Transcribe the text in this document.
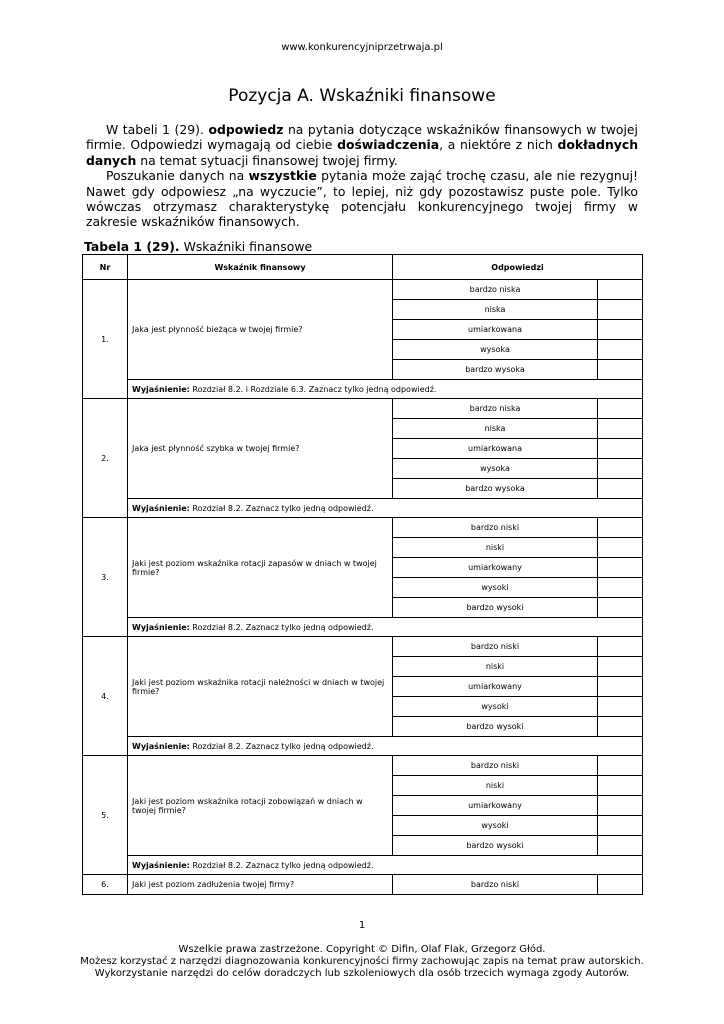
www.konkurencyjniprzetrwaja.pl
Pozycja A. Wskaźniki finansowe

W tabeli 1 (29). odpowiedz na pytania dotyczące wskaźników finansowych w twojej firmie. Odpowiedzi wymagają od ciebie doświadczenia, a niektóre z nich dokładnych danych na temat sytuacji finansowej twojej firmy.

Poszukanie danych na wszystkie pytania może zająć trochę czasu, ale nie rezygnuj! Nawet gdy odpowiesz „na wyczucie”, to lepiej, niż gdy pozostawisz puste pole. Tylko wówczas otrzymasz charakterystykę potencjału konkurencyjnego twojej firmy w zakresie wskaźników finansowych.

Tabela 1 (29). Wskaźniki finansowe
Nr	Wskaźnik finansowy	Odpowiedzi	
1.	Jaka jest płynność bieżąca w twojej firmie?	bardzo niska	
		niska	
		umiarkowana	
		wysoka	
		bardzo wysoka	
	Wyjaśnienie: Rozdział 8.2. i Rozdziale 6.3. Zaznacz tylko jedną odpowiedź.		
2.	Jaka jest płynność szybka w twojej firmie?	bardzo niska	
		niska	
		umiarkowana	
		wysoka	
		bardzo wysoka	
	Wyjaśnienie: Rozdział 8.2. Zaznacz tylko jedną odpowiedź.		
3.	Jaki jest poziom wskaźnika rotacji zapasów w dniach w twojej firmie?	bardzo niski	
		niski	
		umiarkowany	
		wysoki	
		bardzo wysoki	
	Wyjaśnienie: Rozdział 8.2. Zaznacz tylko jedną odpowiedź.		
4.	Jaki jest poziom wskaźnika rotacji należności w dniach w twojej firmie?	bardzo niski	
		niski	
		umiarkowany	
		wysoki	
		bardzo wysoki	
	Wyjaśnienie: Rozdział 8.2. Zaznacz tylko jedną odpowiedź.		
5.	Jaki jest poziom wskaźnika rotacji zobowiązań w dniach w twojej firmie?	bardzo niski	
		niski	
		umiarkowany	
		wysoki	
		bardzo wysoki	
	Wyjaśnienie: Rozdział 8.2. Zaznacz tylko jedną odpowiedź.		
6.	Jaki jest poziom zadłużenia twojej firmy?	bardzo niski	
1
Wszelkie prawa zastrzeżone. Copyright © Difin, Olaf Flak, Grzegorz Głód.
Możesz korzystać z narzędzi diagnozowania konkurencyjności firmy zachowując zapis na temat praw autorskich.
Wykorzystanie narzędzi do celów doradczych lub szkoleniowych dla osób trzecich wymaga zgody Autorów.
